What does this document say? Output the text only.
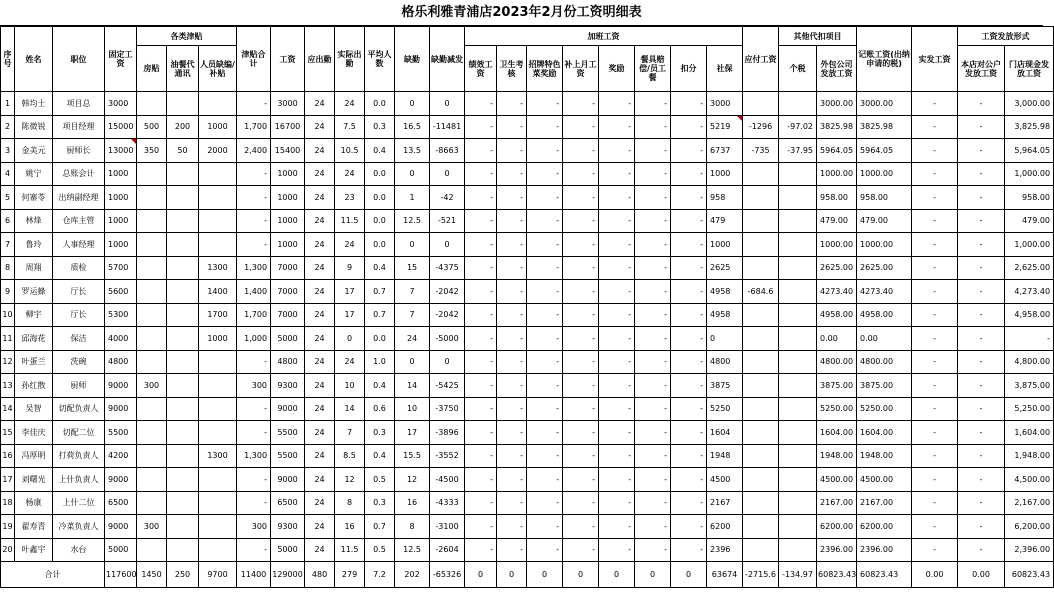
格乐利雅青浦店2023年2月份工资明细表
序号	姓名	职位	固定工资	各类津贴			津贴合计	工资	应出勤	实际出勤	平均人数	缺勤	缺勤减发	加班工资								应付工资	其他代扣项目		记账工资(出纳申请的税)	实发工资	工资发放形式	
				房贴	油餐代通讯	人员缺编/补贴								绩效工资	卫生考核	招牌特色菜奖励	补上月工资	奖励	餐具赔偿/员工餐	扣分	社保		个税	外包公司发放工资			本店对公户发放工资	门店现金发放工资
1	韩均士	项目总	3000				-	3000	24	24	0.0	0	0	-	-	-	-	-	-	-	3000			3000.00	3000.00	-	-	3,000.00
2	陈微锐	项目经理	15000	500	200	1000	1,700	16700	24	7.5	0.3	16.5	-11481	-	-	-	-	-	-	-	5219	-1296	-97.02	3825.98	3825.98	-	-	3,825.98
3	金美元	厨师长	13000	350	50	2000	2,400	15400	24	10.5	0.4	13.5	-8663	-	-	-	-	-	-	-	6737	-735	-37.95	5964.05	5964.05	-	-	5,964.05
4	姚宁	总账会计	1000				-	1000	24	24	0.0	0	0	-	-	-	-	-	-	-	1000			1000.00	1000.00	-	-	1,000.00
5	何寨苓	出纳副经理	1000				-	1000	24	23	0.0	1	-42	-	-	-	-	-	-	-	958			958.00	958.00	-	-	958.00
6	林烽	仓库主管	1000				-	1000	24	11.5	0.0	12.5	-521	-	-	-	-	-	-	-	479			479.00	479.00	-	-	479.00
7	鲁玲	人事经理	1000				-	1000	24	24	0.0	0	0	-	-	-	-	-	-	-	1000			1000.00	1000.00	-	-	1,000.00
8	周翔	质检	5700			1300	1,300	7000	24	9	0.4	15	-4375	-	-	-	-	-	-	-	2625			2625.00	2625.00	-	-	2,625.00
9	罗运蜂	厅长	5600			1400	1,400	7000	24	17	0.7	7	-2042	-	-	-	-	-	-	-	4958	-684.6		4273.40	4273.40	-	-	4,273.40
10	柳宇	厅长	5300			1700	1,700	7000	24	17	0.7	7	-2042	-	-	-	-	-	-	-	4958			4958.00	4958.00	-	-	4,958.00
11	邱海花	保洁	4000			1000	1,000	5000	24	0	0.0	24	-5000	-	-	-	-	-	-	-	0			0.00	0.00	-	-	-
12	叶蛋兰	洗碗	4800				-	4800	24	24	1.0	0	0	-	-	-	-	-	-	-	4800			4800.00	4800.00	-	-	4,800.00
13	孙红散	厨师	9000	300			300	9300	24	10	0.4	14	-5425	-	-	-	-	-	-	-	3875			3875.00	3875.00	-	-	3,875.00
14	吴智	切配负责人	9000				-	9000	24	14	0.6	10	-3750	-	-	-	-	-	-	-	5250			5250.00	5250.00	-	-	5,250.00
15	李佳庆	切配二位	5500				-	5500	24	7	0.3	17	-3896	-	-	-	-	-	-	-	1604			1604.00	1604.00	-	-	1,604.00
16	冯厚明	打荷负责人	4200			1300	1,300	5500	24	8.5	0.4	15.5	-3552	-	-	-	-	-	-	-	1948			1948.00	1948.00	-	-	1,948.00
17	刘曙光	上什负责人	9000				-	9000	24	12	0.5	12	-4500	-	-	-	-	-	-	-	4500			4500.00	4500.00	-	-	4,500.00
18	杨康	上什二位	6500				-	6500	24	8	0.3	16	-4333	-	-	-	-	-	-	-	2167			2167.00	2167.00	-	-	2,167.00
19	翟寿青	冷菜负责人	9000	300			300	9300	24	16	0.7	8	-3100	-	-	-	-	-	-	-	6200			6200.00	6200.00	-	-	6,200.00
20	叶鑫宇	水台	5000				-	5000	24	11.5	0.5	12.5	-2604	-	-	-	-	-	-	-	2396			2396.00	2396.00	-	-	2,396.00
合计			117600	1450	250	9700	11400	129000	480	279	7.2	202	-65326	0	0	0	0	0	0	0	63674	-2715.6	-134.97	60823.43	60823.43	0.00	0.00	60823.43
